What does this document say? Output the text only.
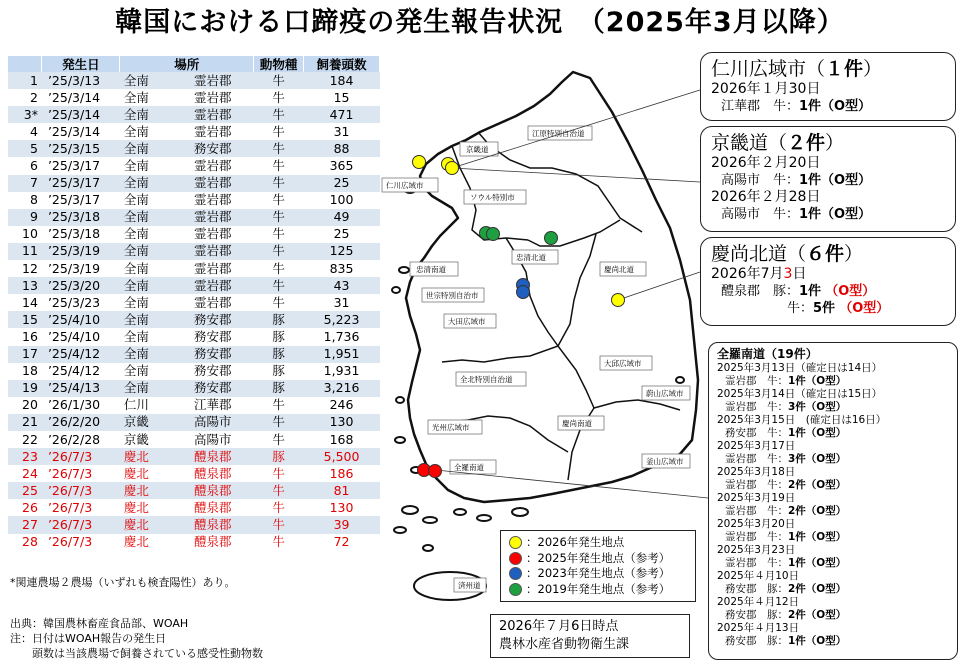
韓国における口蹄疫の発生報告状況　（2025年3月以降）
	発生日	場所		動物種	飼養頭数
1	’25/3/13	全南	霊岩郡	牛	184
2	’25/3/14	全南	霊岩郡	牛	15
3*	’25/3/14	全南	霊岩郡	牛	471
4	’25/3/14	全南	霊岩郡	牛	31
5	’25/3/15	全南	務安郡	牛	88
6	’25/3/17	全南	霊岩郡	牛	365
7	’25/3/17	全南	霊岩郡	牛	25
8	’25/3/17	全南	霊岩郡	牛	100
9	’25/3/18	全南	霊岩郡	牛	49
10	’25/3/18	全南	霊岩郡	牛	25
11	’25/3/19	全南	霊岩郡	牛	125
12	’25/3/19	全南	霊岩郡	牛	835
13	’25/3/20	全南	霊岩郡	牛	43
14	’25/3/23	全南	霊岩郡	牛	31
15	’25/4/10	全南	務安郡	豚	5,223
16	’25/4/10	全南	務安郡	豚	1,736
17	’25/4/12	全南	務安郡	豚	1,951
18	’25/4/12	全南	務安郡	豚	1,931
19	’25/4/13	全南	務安郡	豚	3,216
20	’26/1/30	仁川	江華郡	牛	246
21	’26/2/20	京畿	高陽市	牛	130
22	’26/2/28	京畿	高陽市	牛	168
23	’26/7/3	慶北	醴泉郡	豚	5,500
24	’26/7/3	慶北	醴泉郡	牛	186
25	’26/7/3	慶北	醴泉郡	牛	81
26	’26/7/3	慶北	醴泉郡	牛	130
27	’26/7/3	慶北	醴泉郡	牛	39
28	’26/7/3	慶北	醴泉郡	牛	72
*関連農場２農場（いずれも検査陽性）あり。
出典：韓国農林畜産食品部、WOAH
注：日付はWOAH報告の発生日
頭数は当該農場で飼養されている感受性動物数
江原特別自治道
京畿道
仁川広域市
ソウル特別市
忠清北道
忠清南道	慶尚北道
世宗特別自治市
大田広域市
大邱広域市
全北特別自治道
蔚山広域市
慶尚南道
光州広域市
釜山広域市
全羅南道
済州道
仁川広域市（１件）
2026年１月30日
江華郡　牛：1件（O型）
京畿道（２件）
2026年２月20日
高陽市　牛：1件（O型）
2026年２月28日
高陽市　牛：1件（O型）
慶尚北道（６件）
2026年7月3日
醴泉郡　豚：1件 （O型）
牛：5件 （O型）
全羅南道（19件）
2025年3月13日（確定日は14日）
霊岩郡　牛：1件（O型）
2025年3月14日（確定日は15日）
霊岩郡　牛：3件（O型）
2025年3月15日　(確定日は16日）
務安郡　牛：1件（O型）
2025年3月17日
霊岩郡　牛：3件（O型）
2025年3月18日
霊岩郡　牛：2件（O型）
2025年3月19日
霊岩郡　牛：2件（O型）
2025年3月20日
霊岩郡　牛：1件（O型）
2025年3月23日
霊岩郡　牛：1件（O型）
2025年４月10日
務安郡　豚：2件（O型）
2025年４月12日
務安郡　豚：2件（O型）
2025年４月13日
務安郡　豚：1件（O型）
：2026年発生地点
：2025年発生地点（参考）
：2023年発生地点（参考）
：2019年発生地点（参考）
2026年７月6日時点
農林水産省動物衛生課
